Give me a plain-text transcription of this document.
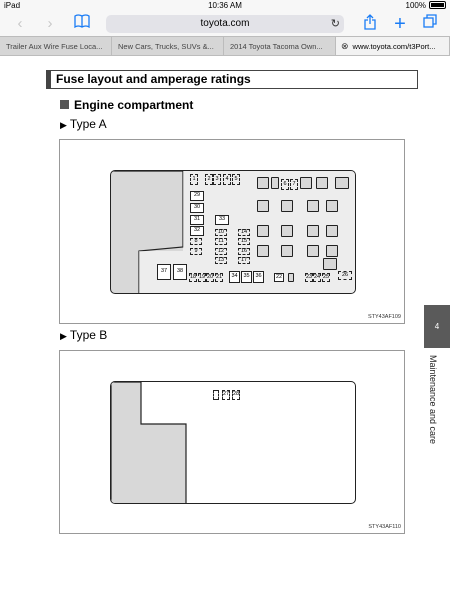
iPad	10:36 AM	100%
‹	›	toyota.com	↻	+
Trailer Aux Wire Fuse Loca...	New Cars, Trucks, SUVs &...	2014 Toyota Tacoma Own...	⊗ www.toyota.com/t3Port...
Fuse layout and amperage ratings
Engine compartment
▶ Type A
1	2 3	4	5
6	7
8
9
10
11
12
13
14
15
16
17
18 19 20 21	22	23 24 25	26
29
30
31
32
33
34	35	36
37	38
STY43AF109
▶ Type B
27 28
STY43AF110
4
Maintenance and care
